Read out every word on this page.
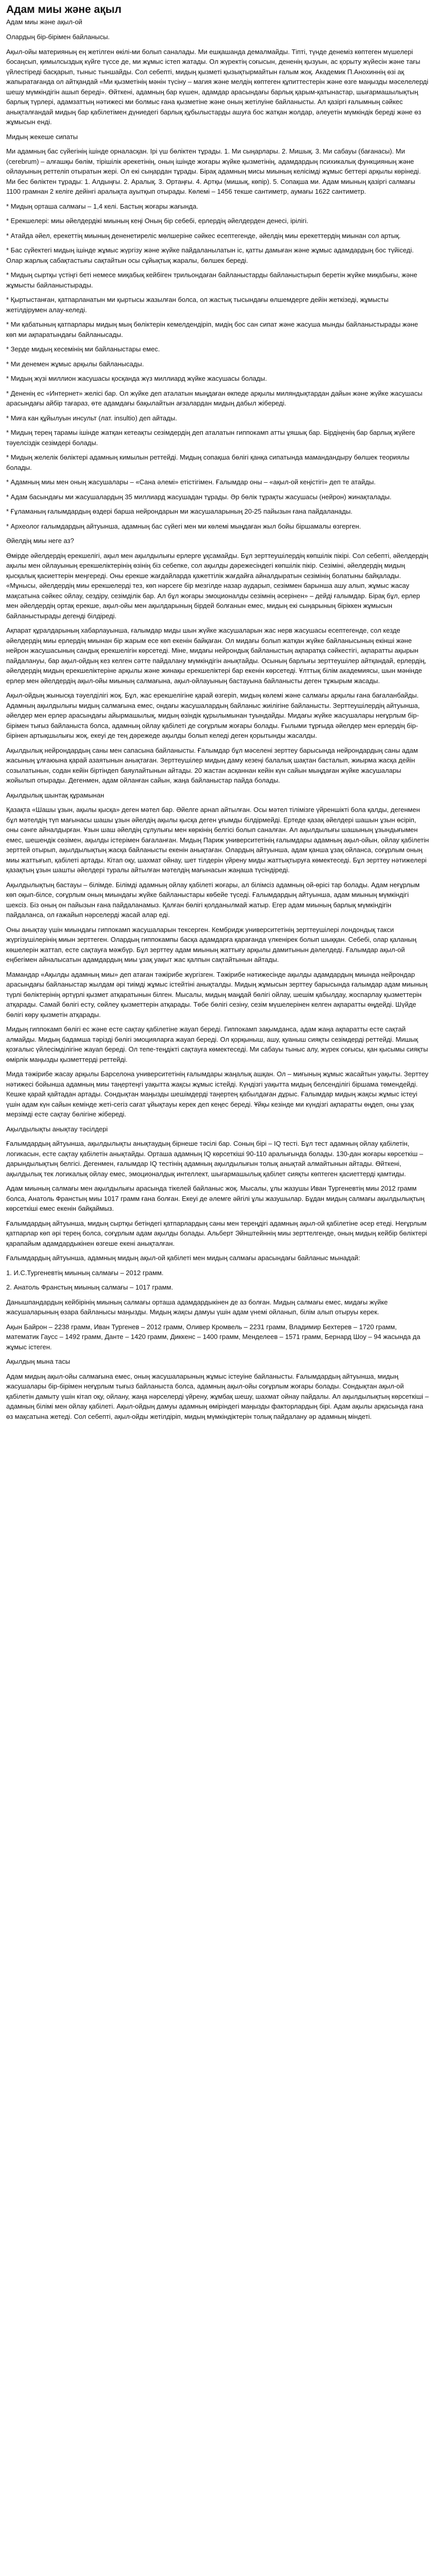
Адам миы және ақыл
Адам миы және ақыл-ой

Олардың бір-бірімен байланысы.

Ақыл-ойы материяның ең жетілген өкілі-ми болып саналады. Ми ешқашанда демалмайды. Тіпті, түнде денеміз көптеген мүшелері босаңсып, қимылсыздық күйге түссе де, ми жұмыс істеп жатады. Ол жүректің соғысын, дененің қызуын, ас қорыту жүйесін және тағы үйлестіреді басқарып, тыныс тыншайды. Сол себепті, мидың қызметі қызықтырмайтын ғалым жоқ. Академик П.Анохиннің өзі ақ жапыратағанда ол айтқандай «Ми қызметінің мәнін түсіну – магия және мелдің көптеген құпиттестерін және өзге маңызды мәселелерді шешу мүмкіндігін ашып береді». Өйткені, адамның бар күшен, адамдар арасындағы барлық қарым-қатынастар, шығармашылықтың барлық түрлері, адамзаттың нәтижесі ми болмыс ғана қызметіне және оның жетілуіне байланысты. Ал қазіргі ғалымның сәйкес анықталғандай мидың бар қабілетімен дүниедегі барлық құбылыстарды ашуға бос жатқан жолдар, әлеуетін мүмкіндік береді және өз жұмысын енді.

Мидың жекеше сипаты

Ми адамның бас сүйегінің ішінде орналасқан. Ірі үш бөліктен тұрады. 1. Ми сыңарлары. 2. Мишық. 3. Ми сабауы (бағанасы). Ми (cerebrum) – алғашқы бөлім, тірішілік әрекетінің, оның ішінде жоғары жүйке қызметінің, адамдардың психикалық функцияның және ойлауының реттеліп отыратын жері. Ол екі сыңардан тұрады. Бірақ адамның мисы миының келісімді жұмыс беттері арқылы көрінеді. Ми бес бөліктен тұрады: 1. Алдыңғы. 2. Аралық. 3. Ортаңғы. 4. Артқы (мишық, көпір). 5. Сопақша ми. Адам миының қазіргі салмағы 1100 грамнан 2 келіге дейінгі аралықта ауытқып отырады. Көлемі – 1456 текше сантиметр, аумағы 1622 сантиметр.

* Мидың орташа салмағы – 1,4 келі. Бастың жоғары жағында.

* Ерекшелері: миы әйелдердікі миының кеңі Оның бір себебі, ерлердің әйелдерден денесі, ірілігі.

* Атайда әйел, ерекеттің миының дененетиреліс мөлшеріне сәйкес есептегенде, әйелдің миы ерекеттердің миынан сол артық.

* Бас сүйектегі мидың ішінде жұмыс жүргізу және жүйке пайдаланылатын іс, қатты дамыған және жұмыс адамдардың бос түйіседі. Олар жарлық сабақтастығы сақтайтын осы сұйықтық жаралы, бөлшек береді.

* Мидың сыртқы үстіңгі беті немесе миқабық кейбіген трильондаған байланыстарды байланыстырып беретін жүйке миқабығы, және жұмысты байланыстырады.

* Қыртыстанған, қатпарланатын ми қыртысы жазылған болса, ол жастық тысындағы өлшемдерге дейін жеткізеді, жұмысты жетілдірумен алау-келеді.

* Ми қабатының қатпарлары мидың мың бөліктерін кемелдендіріп, мидің бос сан сипат және жасуша мынды байланыстырады және көп ми ақпаратындағы байланысады.

* Зерде мидың кесемінің ми байланыстары емес.

* Ми денемен жұмыс арқылы байланысады.

* Мидың жүзі миллион жасушасы қосқанда жүз миллиард жүйке жасушасы болады.

* Дененің ес «Интернет» желісі бар. Ол жүйке деп аталатын мыңдаған өкпеде арқылы миляндықтардан дайын және жүйке жасушасы арасындағы айбір тағараз, өте адамдағы бақылайтын ағзалардан мидың дабыл жібереді.

* Миға кан құйылуын инсульт (лат. insultio) деп айтады.

* Мидың терең тарамы ішінде жатқан кетеақты сезімдердің деп аталатын гиппокамп атты ұяшық бар. Бірдіңенің бар барлық жүйеге тәуелсіздік сезімдері болады.

* Мидың желелік бөліктері адамның кимылын реттейді. Мидың сопақша бөлігі қанқа сипатында мамандандыру бөлшек теориялы болады.

* Адамның миы мен оның жасушалары – «Сана әлемі» етістігімен. Ғалымдар оны – «ақыл-ой кеңістігі» деп те атайды.

* Адам басындағы ми жасушалардың 35 миллиард жасушадан тұрады. Әр бөлік тұрақты жасушасы (нейрон) жинақталады.

* Ғұламаның ғалымдардың өздері барша нейрондарын ми жасушаларының 20-25 пайызын ғана пайдаланады.

* Археолог ғалымдардың айтуынша, адамның бас сүйегі мен ми көлемі мыңдаған жыл бойы біршамалы өзгерген.

Әйелдің миы неге аз?

Өмірде әйелдердің ерекшелігі, ақыл мен ақылдылығы ерлерге ұқсамайды. Бұл зерттеушілердің көпшілік пікірі. Сол себепті, әйелдердің ақылы мен ойлауының ерекшеліктерінің өзінің біз себепке, сол ақылды дәрежесіндегі көпшілік пікір. Сезіміні, әйелдердің мидың қысқалық қасиеттерін меңгереді. Оны ерекше жағдайларда қажеттілік жағдайға айналдыратын сезімінің болатыны байқалады. «Мұнысы, әйелдердің миы ерекшелерді тез, көп нәрсеге бір мезгілде назар аударып, сезіммен барынша ашу алып, жұмыс жасау мақсатына сәйкес ойлау, сездіру, сезімділік бар. Ал бұл жоғары эмоционалды сезімнің әсерінен» – дейді ғалымдар. Бірақ бұл, ерлер мен әйелдердің ортақ ерекше, ақыл-ойы мен ақылдарының бірдей болғанын емес, мидың екі сыңарының біріккен жұмысын байланыстырады дегенді білдіреді.

Ақпарат құралдарының хабарлауынша, ғалымдар миды шын жүйке жасушаларын жас нерв жасушасы есептегенде, сол кезде әйелдердің миы ерлердің миынан бір жарым есе көп екенін байқаған. Ол мидағы болып жатқан жүйке байланысының екінші және нейрон жасушасының сандық ерекшелігін көрсетеді. Міне, мидағы нейрондық байланыстың ақпаратқа сәйкестігі, ақпаратты ақырын пайдалануы, бар ақыл-ойдың кез келген сәтте пайдалану мүмкіндігін анықтайды. Осының барлығы зерттеушілер айтқандай, ерлердің, әйелдердің мидың ерекшеліктеріне арқылы және жинақы ерекшеліктері бар екенін көрсетеді. Ұлттық білім академиясы, шын мәнінде ерлер мен әйелдердің ақыл-ойы миының салмағына, ақыл-ойлауының бастауына байланысты деген тұжырым жасады.

Ақыл-ойдың жынысқа тәуелділігі жоқ. Бұл, жас ерекшелігіне қарай өзгеріп, мидың көлемі және салмағы арқылы ғана бағаланбайды. Адамның ақылдылығы мидың салмағына емес, ондағы жасушалардың байланыс жиілігіне байланысты. Зерттеушілердің айтуынша, әйелдер мен ерлер арасындағы айырмашылық, мидың өзіндік құрылымынан туындайды. Мидағы жүйке жасушалары неғұрлым бір-бірімен тығыз байланыста болса, адамның ойлау қабілеті де соғұрлым жоғары болады. Ғылыми тұрғыда әйелдер мен ерлердің бір-бірінен артықшылығы жоқ, екеуі де тең дәрежеде ақылды болып келеді деген қорытынды жасалды.

Ақылдылық нейрондардың саны мен сапасына байланысты. Ғалымдар бұл мәселені зерттеу барысында нейрондардың саны адам жасының ұлғаюына қарай азаятынын анықтаған. Зерттеушілер мидың даму кезеңі балалық шақтан басталып, жиырма жасқа дейін созылатынын, содан кейін біртіндеп баяулайтынын айтады. 20 жастан асқаннан кейін күн сайын мыңдаған жүйке жасушалары жойылып отырады. Дегенмен, адам ойланған сайын, жаңа байланыстар пайда болады.

Ақылдылық шынтақ құрамынан

Қазақта «Шашы ұзын, ақылы қысқа» деген мәтел бар. Әйелге арнап айтылған. Осы мәтел тілімізге үйреншікті бола қалды, дегенмен бұл мәтелдің түп мағынасы шашы ұзын әйелдің ақылы қысқа деген ұғымды білдірмейді. Ертеде қазақ әйелдері шашын ұзын өсіріп, оны сәнге айналдырған. Ұзын шаш әйелдің сұлулығы мен көркінің белгісі болып саналған. Ал ақылдылығы шашының ұзындығымен емес, шешендік сөзімен, ақылды істерімен бағаланған. Мидың Париж университетінің ғалымдары адамның ақыл-ойын, ойлау қабілетін зерттей отырып, ақылдылықтың жасқа байланысты екенін анықтаған. Олардың айтуынша, адам қанша ұзақ ойланса, соғұрлым оның миы жаттығып, қабілеті артады. Кітап оқу, шахмат ойнау, шет тілдерін үйрену миды жаттықтыруға көмектеседі. Бұл зерттеу нәтижелері қазақтың ұзын шашты әйелдері туралы айтылған мәтелдің мағынасын жаңаша түсіндіреді.

Ақылдылықтың бастауы – білімде. Білімді адамның ойлау қабілеті жоғары, ал білімсіз адамның ой-өрісі тар болады. Адам неғұрлым көп оқып-білсе, соғұрлым оның миындағы жүйке байланыстары көбейе түседі. Ғалымдардың айтуынша, адам миының мүмкіндігі шексіз. Біз оның он пайызын ғана пайдаланамыз. Қалған бөлігі қолданылмай жатыр. Егер адам миының барлық мүмкіндігін пайдаланса, ол ғажайып нәрселерді жасай алар еді.

Оны анықтау үшін миындағы гиппокамп жасушаларын тексерген. Кембридж университетінің зерттеушілері лондондық такси жүргізушілерінің миын зерттеген. Олардың гиппокампы басқа адамдарға қарағанда үлкенірек болып шыққан. Себебі, олар қаланың көшелерін жаттап, есте сақтауға мәжбүр. Бұл зерттеу адам миының жаттығу арқылы дамитынын дәлелдеді. Ғалымдар ақыл-ой еңбегімен айналысатын адамдардың миы ұзақ уақыт жас қалпын сақтайтынын айтады.

Мамандар «Ақылды адамның миы» деп атаған тәжірибе жүргізген. Тәжірибе нәтижесінде ақылды адамдардың миында нейрондар арасындағы байланыстар жылдам әрі тиімді жұмыс істейтіні анықталды. Мидың жұмысын зерттеу барысында ғалымдар адам миының түрлі бөліктерінің әртүрлі қызмет атқаратынын білген. Мысалы, мидың маңдай бөлігі ойлау, шешім қабылдау, жоспарлау қызметтерін атқарады. Самай бөлігі есту, сөйлеу қызметтерін атқарады. Төбе бөлігі сезіну, сезім мүшелерінен келген ақпаратты өңдейді. Шүйде бөлігі көру қызметін атқарады.

Мидың гиппокамп бөлігі ес және есте сақтау қабілетіне жауап береді. Гиппокамп зақымданса, адам жаңа ақпаратты есте сақтай алмайды. Мидың бадамша тәрізді бөлігі эмоцияларға жауап береді. Ол қорқыныш, ашу, қуаныш сияқты сезімдерді реттейді. Мишық қозғалыс үйлесімділігіне жауап береді. Ол тепе-теңдікті сақтауға көмектеседі. Ми сабауы тыныс алу, жүрек соғысы, қан қысымы сияқты өмірлік маңызды қызметтерді реттейді.

Мида тәжірибе жасау арқылы Барселона университетінің ғалымдары жаңалық ашқан. Ол – миғының жұмыс жасайтын уақыты. Зерттеу нәтижесі бойынша адамның миы таңертеңгі уақытта жақсы жұмыс істейді. Күндізгі уақытта мидың белсенділігі біршама төмендейді. Кешке қарай қайтадан артады. Сондықтан маңызды шешімдерді таңертең қабылдаған дұрыс. Ғалымдар мидың жақсы жұмыс істеуі үшін адам күн сайын кемінде жеті-сегіз сағат ұйықтауы керек деп кеңес береді. Ұйқы кезінде ми күндізгі ақпаратты өңдеп, оны ұзақ мерзімді есте сақтау бөлігіне жібереді.

Ақылдылықты анықтау тәсілдері

Ғалымдардың айтуынша, ақылдылықты анықтаудың бірнеше тәсілі бар. Соның бірі – IQ тесті. Бұл тест адамның ойлау қабілетін, логикасын, есте сақтау қабілетін анықтайды. Орташа адамның IQ көрсеткіші 90-110 аралығында болады. 130-дан жоғары көрсеткіш – дарындылықтың белгісі. Дегенмен, ғалымдар IQ тестінің адамның ақылдылығын толық анықтай алмайтынын айтады. Өйткені, ақылдылық тек логикалық ойлау емес, эмоционалдық интеллект, шығармашылық қабілет сияқты көптеген қасиеттерді қамтиды.

Адам миының салмағы мен ақылдылығы арасында тікелей байланыс жоқ. Мысалы, ұлы жазушы Иван Тургеневтің миы 2012 грамм болса, Анатоль Франстың миы 1017 грамм ғана болған. Екеуі де әлемге әйгілі ұлы жазушылар. Бұдан мидың салмағы ақылдылықтың көрсеткіші емес екенін байқаймыз.

Ғалымдардың айтуынша, мидың сыртқы бетіндегі қатпарлардың саны мен тереңдігі адамның ақыл-ой қабілетіне әсер етеді. Неғұрлым қатпарлар көп әрі терең болса, соғұрлым адам ақылды болады. Альберт Эйнштейннің миы зерттелгенде, оның мидың кейбір бөліктері қарапайым адамдардыкінен өзгеше екені анықталған.

Ғалымдардың айтуынша, адамның мидың ақыл-ой қабілеті мен мидың салмағы арасындағы байланыс мынадай:

1. И.С.Тургеневтің миының салмағы – 2012 грамм.

2. Анатоль Франстың миының салмағы – 1017 грамм.

Данышпандардың кейбірінің миының салмағы орташа адамдардыкінен де аз болған. Мидың салмағы емес, мидағы жүйке жасушаларының өзара байланысы маңызды. Мидың жақсы дамуы үшін адам үнемі ойланып, білім алып отыруы керек.

Ақын Байрон – 2238 грамм, Иван Тургенев – 2012 грамм, Оливер Кромвель – 2231 грамм, Владимир Бехтерев – 1720 грамм, математик Гаусс – 1492 грамм, Данте – 1420 грамм, Диккенс – 1400 грамм, Менделеев – 1571 грамм, Бернард Шоу – 94 жасында да жұмыс істеген.

Ақылдың мына тасы

Адам мидың ақыл-ойы салмағына емес, оның жасушаларының жұмыс істеуіне байланысты. Ғалымдардың айтуынша, мидың жасушалары бір-бірімен неғұрлым тығыз байланыста болса, адамның ақыл-ойы соғұрлым жоғары болады. Сондықтан ақыл-ой қабілетін дамыту үшін кітап оқу, ойлану, жаңа нәрселерді үйрену, жұмбақ шешу, шахмат ойнау пайдалы. Ал ақылдылықтың көрсеткіші – адамның білімі мен ойлау қабілеті. Ақыл-ойдың дамуы адамның өміріндегі маңызды факторлардың бірі. Адам ақылы арқасында ғана өз мақсатына жетеді. Сол себепті, ақыл-ойды жетілдіріп, мидың мүмкіндіктерін толық пайдалану әр адамның міндеті.
